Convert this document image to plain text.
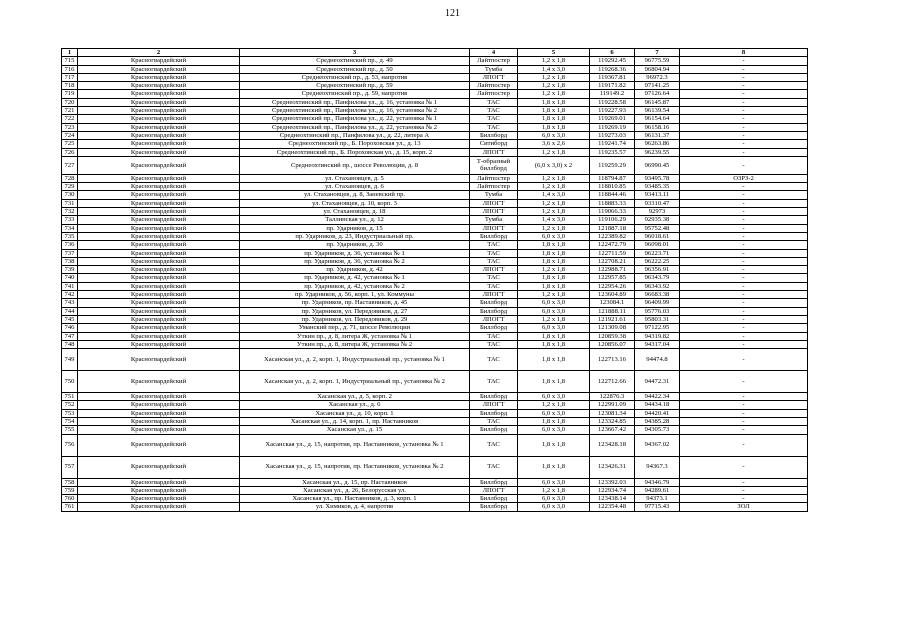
121
1	2	3	4	5	6	7	8
715	Красногвардейский	Среднеохтинский пр., д. 49	Лайтпостер	1,2 x 1,8	119292.45	96775.59	-
716	Красногвардейский	Среднеохтинский пр., д. 50	Тумба	1,4 x 3,0	119268.36	96804.94	-
717	Красногвардейский	Среднеохтинский пр., д. 53, напротив	ЛПОГТ	1,2 x 1,8	119367.81	96972.3	-
718	Красногвардейский	Среднеохтинский пр., д. 59	Лайтпостер	1,2 x 1,8	119171.82	97141.25	-
719	Красногвардейский	Среднеохтинский пр., д. 59, напротив	Лайтпостер	1,2 x 1,8	119149.2	97126.64	-
720	Красногвардейский	Среднеохтинский пр., Панфилова ул., д. 16, установка № 1	ТАС	1,8 x 1,8	119228.58	96145.87	-
721	Красногвардейский	Среднеохтинский пр., Панфилова ул., д. 16, установка № 2	ТАС	1,8 x 1,8	119227.93	96139.54	-
722	Красногвардейский	Среднеохтинский пр., Панфилова ул., д. 22, установка № 1	ТАС	1,8 x 1,8	119269.01	96154.64	-
723	Красногвардейский	Среднеохтинский пр., Панфилова ул., д. 22, установка № 2	ТАС	1,8 x 1,8	119269.19	96158.16	-
724	Красногвардейский	Среднеохтинский пр., Панфилова ул., д. 22, литера А	Биллборд	6,0 x 3,0	119273.03	96131.37	-
725	Красногвардейский	Среднеохтинский пр., Б. Пороховская ул., д. 13	Ситиборд	3,6 x 2,6	119241.74	96263.86	-
726	Красногвардейский	Среднеохтинский пр., Б. Пороховская ул., д. 15, корп. 2	ЛПОГТ	1,2 x 1,8	119235.57	96239.55	-
727	Красногвардейский	Среднеохтинский пр., шоссе Революции, д. 8	Т-образный биллборд	(6,0 x 3,0) x 2	119259.29	96990.45	-
728	Красногвардейский	ул. Стахановцев, д. 5	Лайтпостер	1,2 x 1,8	118794.87	93495.78	ОЗРЗ-2
729	Красногвардейский	ул. Стахановцев, д. 6	Лайтпостер	1,2 x 1,8	118810.85	93485.35	-
730	Красногвардейский	ул. Стахановцев, д. 8, Заневский пр.	Тумба	1,4 x 3,0	118844.46	93413.11	-
731	Красногвардейский	ул. Стахановцев, д. 10, корп. 3	ЛПОГТ	1,2 x 1,8	118883.33	93310.47	-
732	Красногвардейский	ул. Стахановцев, д. 18	ЛПОГТ	1,2 x 1,8	119066.33	92973	-
733	Красногвардейский	Таллинская ул., д. 12	Тумба	1,4 x 3,0	119106.29	92935.38	-
734	Красногвардейский	пр. Ударников, д. 15	ЛПОГТ	1,2 x 1,8	121887.18	95752.48	-
735	Красногвардейский	пр. Ударников, д. 23, Индустриальный пр.	Биллборд	6,0 x 3,0	122389.82	96018.61	-
736	Красногвардейский	пр. Ударников, д. 30	ТАС	1,8 x 1,8	122472.79	96098.01	-
737	Красногвардейский	пр. Ударников, д. 36, установка № 1	ТАС	1,8 x 1,8	122711.59	96223.71	-
738	Красногвардейский	пр. Ударников, д. 36, установка № 2	ТАС	1,8 x 1,8	122708.21	96222.25	-
739	Красногвардейский	пр. Ударников, д. 42	ЛПОГТ	1,2 x 1,8	122988.71	96356.91	-
740	Красногвардейский	пр. Ударников, д. 42, установка № 1	ТАС	1,8 x 1,8	122957.85	96343.79	-
741	Красногвардейский	пр. Ударников, д. 42, установка № 2	ТАС	1,8 x 1,8	122954.26	96343.92	-
742	Красногвардейский	пр. Ударников, д. 56, корп. 1, ул. Коммуны	ЛПОГТ	1,2 x 1,8	123604.89	96683.38	-
743	Красногвардейский	пр. Ударников, пр. Наставников, д. 45	Биллборд	6,0 x 3,0	123084.1	96409.99	-
744	Красногвардейский	пр. Ударников, ул. Передовиков, д. 27	Биллборд	6,0 x 3,0	121888.11	95776.03	-
745	Красногвардейский	пр. Ударников, ул. Передовиков, д. 29	ЛПОГТ	1,2 x 1,8	121921.61	95803.31	-
746	Красногвардейский	Уманский пер., д. 71, шоссе Революции	Биллборд	6,0 x 3,0	121309.08	97122.95	-
747	Красногвардейский	Уткин пр., д. 8, литера Ж, установка № 1	ТАС	1,8 x 1,8	120859.38	94319.82	-
748	Красногвардейский	Уткин пр., д. 8, литера Ж, установка № 2	ТАС	1,8 x 1,8	120856.07	94317.04	-
749	Красногвардейский	Хасанская ул., д. 2, корп. 1, Индустриальный пр., установка № 1	ТАС	1,8 x 1,8	122713.16	94474.8	-
750	Красногвардейский	Хасанская ул., д. 2, корп. 1, Индустриальный пр., установка № 2	ТАС	1,8 x 1,8	122712.66	94472.31	-
751	Красногвардейский	Хасанская ул., д. 5, корп. 2	Биллборд	6,0 x 3,0	122876.3	94422.34	-
752	Красногвардейский	Хасанская ул., д. 6	ЛПОГТ	1,2 x 1,8	122991.09	94434.18	-
753	Красногвардейский	Хасанская ул., д. 10, корп. 1	Биллборд	6,0 x 3,0	123081.34	94420.41	-
754	Красногвардейский	Хасанская ул., д. 14, корп. 1, пр. Наставников	ТАС	1,8 x 1,8	123324.85	94385.28	-
755	Красногвардейский	Хасанская ул., д. 15	Биллборд	6,0 x 3,0	123667.42	94305.73	-
756	Красногвардейский	Хасанская ул., д. 15, напротив, пр. Наставников, установка № 1	ТАС	1,8 x 1,8	123428.18	94367.02	-
757	Красногвардейский	Хасанская ул., д. 15, напротив, пр. Наставников, установка № 2	ТАС	1,8 x 1,8	123426.31	94367.3	-
758	Красногвардейский	Хасанская ул., д. 15, пр. Наставников	Биллборд	6,0 x 3,0	123392.03	94346.79	-
759	Красногвардейский	Хасанская ул., д. 26, Белорусская ул.	ЛПОГТ	1,2 x 1,8	122934.74	94289.61	-
760	Красногвардейский	Хасанская ул., пр. Наставников, д. 3, корп. 1	Биллборд	6,0 x 3,0	123438.14	94373.1	-
761	Красногвардейский	ул. Химиков, д. 4, напротив	Биллборд	6,0 x 3,0	122354.48	97715.43	ЗОЛ
